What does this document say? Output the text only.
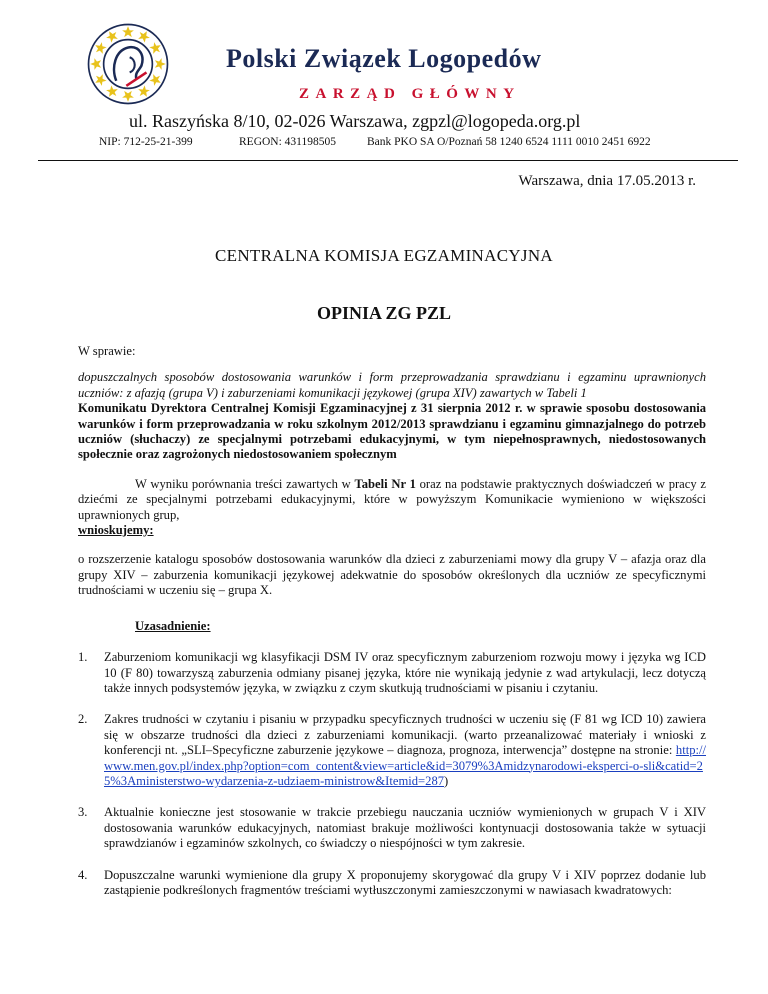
Polski Związek Logopedów
ZARZĄD GŁÓWNY
ul. Raszyńska 8/10, 02-026 Warszawa, zgpzl@logopeda.org.pl
NIP: 712-25-21-399	REGON: 431198505	Bank PKO SA O/Poznań 58 1240 6524 1111 0010 2451 6922
Warszawa, dnia 17.05.2013 r.
CENTRALNA KOMISJA EGZAMINACYJNA
OPINIA ZG PZL

W sprawie:

dopuszczalnych sposobów dostosowania warunków i form przeprowadzania sprawdzianu i egzaminu uprawnionych uczniów: z afazją (grupa V) i zaburzeniami komunikacji językowej (grupa XIV) zawartych w Tabeli 1

Komunikatu Dyrektora Centralnej Komisji Egzaminacyjnej z 31 sierpnia 2012 r. w sprawie sposobu dostosowania warunków i form przeprowadzania w roku szkolnym 2012/2013 sprawdzianu i egzaminu gimnazjalnego do potrzeb uczniów (słuchaczy) ze specjalnymi potrzebami edukacyjnymi, w tym niepełnosprawnych, niedostosowanych społecznie oraz zagrożonych niedostosowaniem społecznym

W wyniku porównania treści zawartych w Tabeli Nr 1 oraz na podstawie praktycznych doświadczeń w pracy z dziećmi ze specjalnymi potrzebami edukacyjnymi, które w powyższym Komunikacie wymieniono w większości uprawnionych grup,

wnioskujemy:

o rozszerzenie katalogu sposobów dostosowania warunków dla dzieci z zaburzeniami mowy dla grupy V – afazja oraz dla grupy XIV – zaburzenia komunikacji językowej adekwatnie do sposobów określonych dla uczniów ze specyficznymi trudnościami w uczeniu się – grupa X.

Uzasadnienie:

1. Zaburzeniom komunikacji wg klasyfikacji DSM IV oraz specyficznym zaburzeniom rozwoju mowy i języka wg ICD 10 (F 80) towarzyszą zaburzenia odmiany pisanej języka, które nie wynikają jedynie z wad artykulacji, lecz dotyczą także innych podsystemów języka, w związku z czym skutkują trudnościami w pisaniu i czytaniu.
2. Zakres trudności w czytaniu i pisaniu w przypadku specyficznych trudności w uczeniu się (F 81 wg ICD 10) zawiera się w obszarze trudności dla dzieci z zaburzeniami komunikacji. (warto przeanalizować materiały i wnioski z konferencji nt. „SLI–Specyficzne zaburzenie językowe – diagnoza, prognoza, interwencja” dostępne na stronie: http://www.men.gov.pl/index.php?option=com_content&view=article&id=3079%3Amidzynarodowi-eksperci-o-sli&catid=25%3Aministerstwo-wydarzenia-z-udziaem-ministrow&Itemid=287)
3. Aktualnie konieczne jest stosowanie w trakcie przebiegu nauczania uczniów wymienionych w grupach V i XIV dostosowania warunków edukacyjnych, natomiast brakuje możliwości kontynuacji dostosowania także w sytuacji sprawdzianów i egzaminów szkolnych, co świadczy o niespójności w tym zakresie.
4. Dopuszczalne warunki wymienione dla grupy X proponujemy skorygować dla grupy V i XIV poprzez dodanie lub zastąpienie podkreślonych fragmentów treściami wytłuszczonymi zamieszczonymi w nawiasach kwadratowych:
